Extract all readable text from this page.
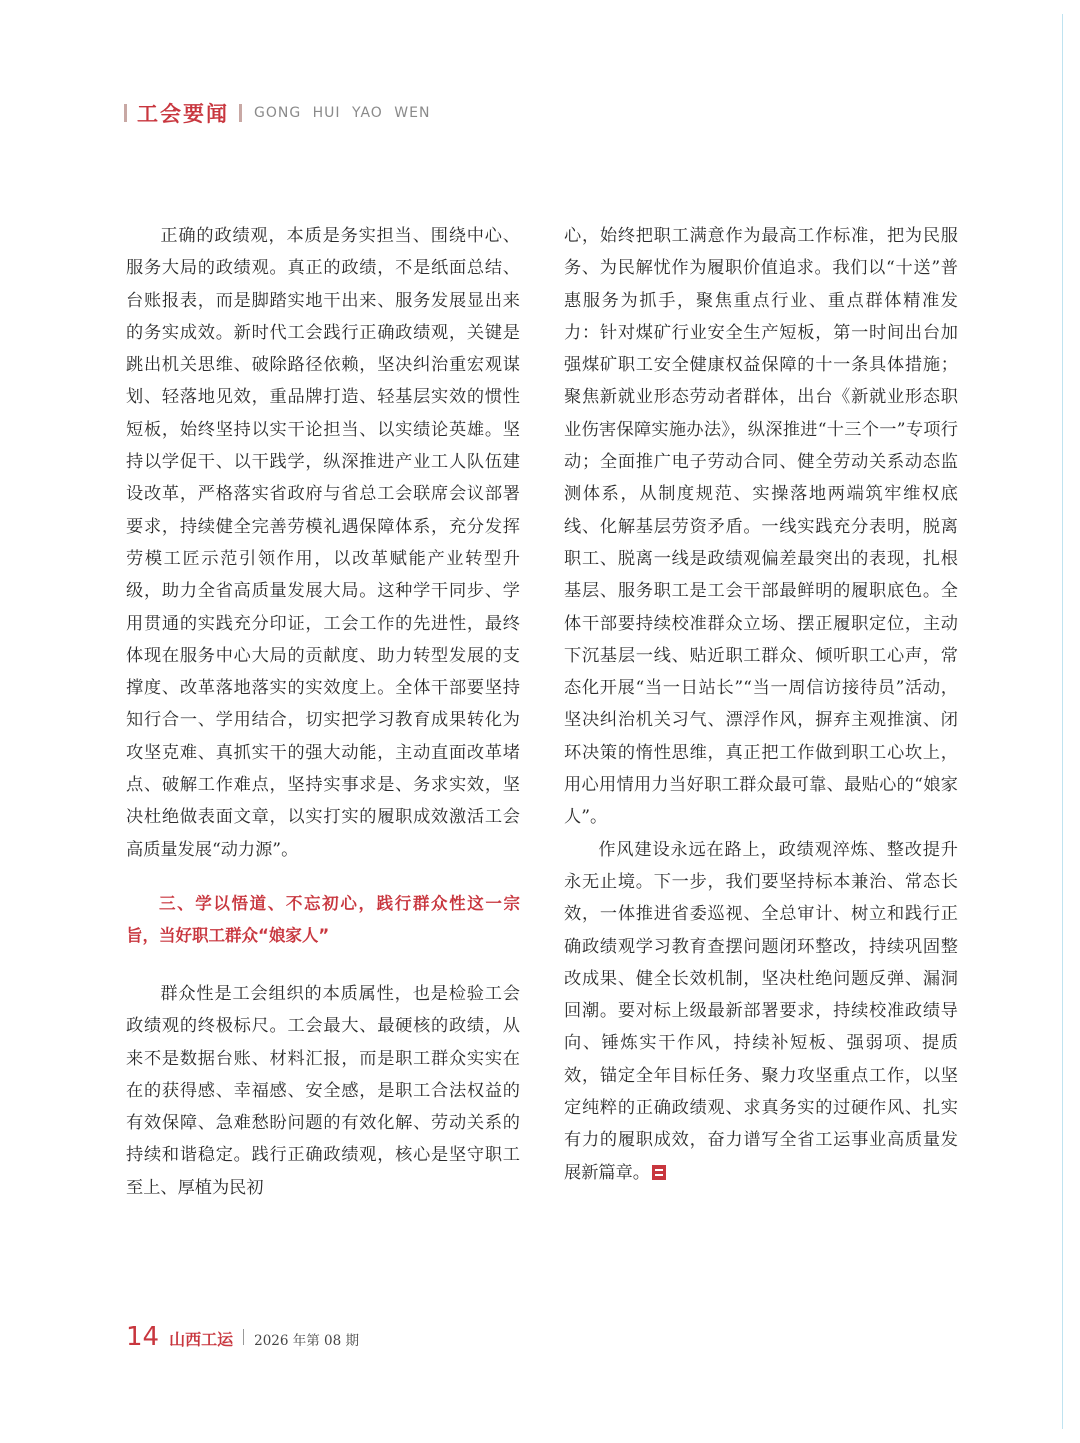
工会要闻 GONG HUI YAO WEN

正确的政绩观，本质是务实担当、围绕中心、服务大局的政绩观。真正的政绩，不是纸面总结、台账报表，而是脚踏实地干出来、服务发展显出来的务实成效。新时代工会践行正确政绩观，关键是跳出机关思维、破除路径依赖，坚决纠治重宏观谋划、轻落地见效，重品牌打造、轻基层实效的惯性短板，始终坚持以实干论担当、以实绩论英雄。坚持以学促干、以干践学，纵深推进产业工人队伍建设改革，严格落实省政府与省总工会联席会议部署要求，持续健全完善劳模礼遇保障体系，充分发挥劳模工匠示范引领作用，以改革赋能产业转型升级，助力全省高质量发展大局。这种学干同步、学用贯通的实践充分印证，工会工作的先进性，最终体现在服务中心大局的贡献度、助力转型发展的支撑度、改革落地落实的实效度上。全体干部要坚持知行合一、学用结合，切实把学习教育成果转化为攻坚克难、真抓实干的强大动能，主动直面改革堵点、破解工作难点，坚持实事求是、务求实效，坚决杜绝做表面文章，以实打实的履职成效激活工会高质量发展“动力源”。

三、学以悟道、不忘初心，践行群众性这一宗旨，当好职工群众“娘家人”

群众性是工会组织的本质属性，也是检验工会政绩观的终极标尺。工会最大、最硬核的政绩，从来不是数据台账、材料汇报，而是职工群众实实在在的获得感、幸福感、安全感，是职工合法权益的有效保障、急难愁盼问题的有效化解、劳动关系的持续和谐稳定。践行正确政绩观，核心是坚守职工至上、厚植为民初

心，始终把职工满意作为最高工作标准，把为民服务、为民解忧作为履职价值追求。我们以“十送”普惠服务为抓手，聚焦重点行业、重点群体精准发力：针对煤矿行业安全生产短板，第一时间出台加强煤矿职工安全健康权益保障的十一条具体措施；聚焦新就业形态劳动者群体，出台《新就业形态职业伤害保障实施办法》，纵深推进“十三个一”专项行动；全面推广电子劳动合同、健全劳动关系动态监测体系，从制度规范、实操落地两端筑牢维权底线、化解基层劳资矛盾。一线实践充分表明，脱离职工、脱离一线是政绩观偏差最突出的表现，扎根基层、服务职工是工会干部最鲜明的履职底色。全体干部要持续校准群众立场、摆正履职定位，主动下沉基层一线、贴近职工群众、倾听职工心声，常态化开展“当一日站长”“当一周信访接待员”活动，坚决纠治机关习气、漂浮作风，摒弃主观推演、闭环决策的惰性思维，真正把工作做到职工心坎上，用心用情用力当好职工群众最可靠、最贴心的“娘家人”。

作风建设永远在路上，政绩观淬炼、整改提升永无止境。下一步，我们要坚持标本兼治、常态长效，一体推进省委巡视、全总审计、树立和践行正确政绩观学习教育查摆问题闭环整改，持续巩固整改成果、健全长效机制，坚决杜绝问题反弹、漏洞回潮。要对标上级最新部署要求，持续校准政绩导向、锤炼实干作风，持续补短板、强弱项、提质效，锚定全年目标任务、聚力攻坚重点工作，以坚定纯粹的正确政绩观、求真务实的过硬作风、扎实有力的履职成效，奋力谱写全省工运事业高质量发展新篇章。

14 山西工运 2026 年第 08 期
